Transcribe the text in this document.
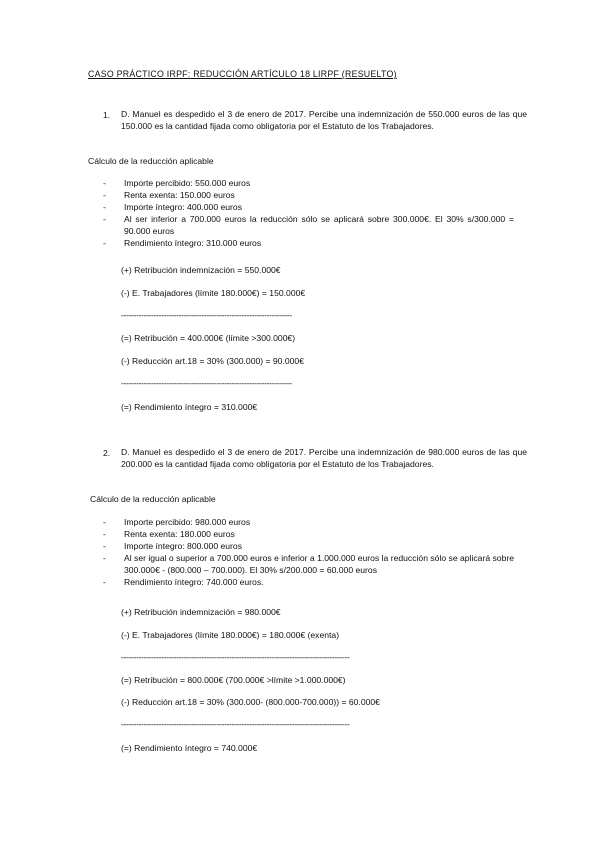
CASO PRÁCTICO IRPF: REDUCCIÓN ARTÍCULO 18 LIRPF (RESUELTO)
1. D. Manuel es despedido el 3 de enero de 2017. Percibe una indemnización de 550.000 euros de las que 150.000 es la cantidad fijada como obligatoria por el Estatuto de los Trabajadores.
Cálculo de la reducción aplicable
- Importe percibido: 550.000 euros
- Renta exenta: 150.000 euros
- Importe íntegro: 400.000 euros
- Al ser inferior a 700.000 euros la reducción sólo se aplicará sobre 300.000€. El 30% s/300.000 = 90.000 euros
- Rendimiento íntegro: 310.000 euros
(+) Retribución indemnización = 550.000€
(-) E. Trabajadores (límite 180.000€) = 150.000€
--------------------------------------------------------------------
(=) Retribución = 400.000€ (límite >300.000€)
(-) Reducción art.18 = 30% (300.000) = 90.000€
--------------------------------------------------------------------
(=) Rendimiento íntegro = 310.000€
2. D. Manuel es despedido el 3 de enero de 2017. Percibe una indemnización de 980.000 euros de las que 200.000 es la cantidad fijada como obligatoria por el Estatuto de los Trabajadores.
Cálculo de la reducción aplicable
- Importe percibido: 980.000 euros
- Renta exenta: 180.000 euros
- Importe íntegro: 800.000 euros
- Al ser igual o superior a 700.000 euros e inferior a 1.000.000 euros la reducción sólo se aplicará sobre 300.000€ - (800.000 – 700.000). El 30% s/200.000 = 60.000 euros
- Rendimiento íntegro: 740.000 euros.
(+) Retribución indemnización = 980.000€
(-) E. Trabajadores (límite 180.000€) = 180.000€ (exenta)
-------------------------------------------------------------------------------------------
(=) Retribución = 800.000€ (700.000€ >límite >1.000.000€)
(-) Reducción art.18 = 30% (300.000- (800.000-700.000)) = 60.000€
-------------------------------------------------------------------------------------------
(=) Rendimiento íntegro = 740.000€
